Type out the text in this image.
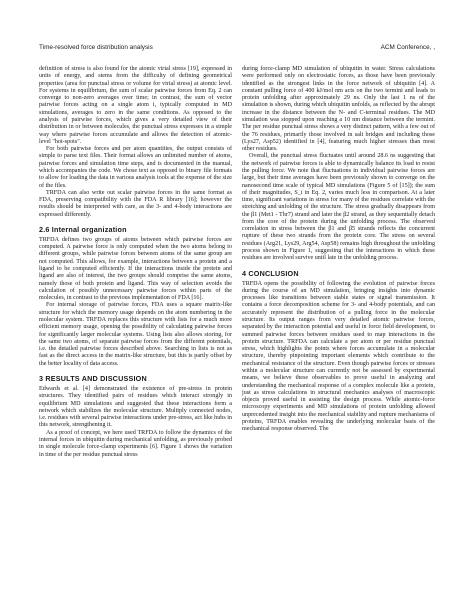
Time-resolved force distribution analysis	ACM Conference, ,

definition of stress is also found for the atomic virial stress [19], expressed in units of energy, and stems from the difficulty of defining geometrical properties (area for punctual stress or volume for virial stress) at atomic level. For systems in equilibrium, the sum of scalar pairwise forces from Eq. 2 can converge to non-zero averages over time; in contrast, the sum of vector pairwise forces acting on a single atom i, typically computed in MD simulations, averages to zero in the same conditions. As opposed to the analysis of pairwise forces, which gives a very detailed view of their distribution in or between molecules, the punctual stress expresses in a simple way where pairwise forces accumulate and allows the detection of atomic-level "hot-spots".

For both pairwise forces and per atom quantities, the output consists of simple to parse text files. Their format allows an unlimited number of atoms, pairwise forces and simulation time steps, and is documented in the manual, which accompanies the code. We chose text as opposed to binary file formats to allow for loading the data in various analysis tools at the expense of the size of the files.

TRFDA can also write out scalar pairwise forces in the same format as FDA, preserving compatibility with the FDA R library [16]; however the results should be interpreted with care, as the 3- and 4-body interactions are expressed differently.

2.6 Internal organization

TRFDA defines two groups of atoms between which pairwise forces are computed. A pairwise force is only computed when the two atoms belong to different groups, while pairwise forces between atoms of the same group are not computed. This allows, for example, interactions between a protein and a ligand to be computed efficiently. If the interactions inside the protein and ligand are also of interest, the two groups should comprise the same atoms, namely those of both protein and ligand. This way of selection avoids the calculation of possibly unnecessary pairwise forces within parts of the molecules, in contrast to the previous implementation of FDA [16].

For internal storage of pairwise forces, FDA uses a square matrix-like structure for which the memory usage depends on the atom numbering in the molecular system. TRFDA replaces this structure with lists for a much more efficient memory usage, opening the possibility of calculating pairwise forces for significantly larger molecular systems. Using lists also allows storing, for the same two atoms, of separate pairwise forces from the different potentials, i.e. the detailed pairwise forces described above. Searching in lists is not as fast as the direct access in the matrix-like structure, but this is partly offset by the better locality of data access.

3 RESULTS AND DISCUSSION

Edwards et al. [4] demonstrated the existence of pre-stress in protein structures. They identified pairs of residues which interact strongly in equilibrium MD simulations and suggested that these interactions form a network which stabilizes the molecular structure. Multiply connected nodes, i.e. residues with several pairwise interactions under pre-stress, act like hubs in this network, strengthening it.

As a proof of concept, we here used TRFDA to follow the dynamics of the internal forces in ubiquitin during mechanical unfolding, as previously probed in single molecule force-clamp experiments [6]. Figure 1 shows the variation in time of the per residue punctual stress

during force-clamp MD simulation of ubiquitin in water. Stress calculations were performed only on electrostatic forces, as those have been previously identified as the strongest links in the force network of ubiquitin [4]. A constant pulling force of 400 kJ/mol nm acts on the two termini and leads to protein unfolding after approximately 29 ns. Only the last 1 ns of the simulation is shown, during which ubiquitin unfolds, as reflected by the abrupt increase in the distance between the N- and C-terminal residues. The MD simulation was stopped upon reaching a 10 nm distance between the termini. The per residue punctual stress shows a very distinct pattern, with a few out of the 76 residues, primarily those involved in salt bridges and including those (Lys27, Asp52) identified in [4], featuring much higher stresses than most other residues.

Overall, the punctual stress fluctuates until around 28.6 ns suggesting that the network of pairwise forces is able to dynamically balance its load to resist the pulling force. We note that fluctuations in individual pairwise forces are large, but their time averages have been previously shown to converge on the nanosecond time scale of typical MD simulations (Figure 5 of [15]); the sum of their magnitudes, S_i in Eq. 2, varies much less in comparison. At a later time, significant variations in stress for many of the residues correlate with the stretching and unfolding of the structure. The stress gradually disappears from the β1 (Met1 - Thr7) strand and later the β2 strand, as they sequentially detach from the core of the protein during the unfolding process. The observed correlation in stress between the β1 and β5 strands reflects the concurrent rupture of these two strands from the protein core. The stress on several residues (Arg21, Lys29, Arg54, Asp58) remains high throughout the unfolding process shown in Figure 1, suggesting that the interactions in which these residues are involved survive until late in the unfolding process.

4 CONCLUSION

TRFDA opens the possibility of following the evolution of pairwise forces during the course of an MD simulation, bringing insights into dynamic processes like transitions between stable states or signal transmission. It contains a force decomposition scheme for 3- and 4-body potentials, and can accurately represent the distribution of a pulling force in the molecular structure. Its output ranges from very detailed atomic pairwise forces, separated by the interaction potential and useful in force field development, to summed pairwise forces between residues used to map interactions in the protein structure. TRFDA can calculate a per atom or per residue punctual stress, which highlights the points where forces accumulate in a molecular structure, thereby pinpointing important elements which contribute to the mechanical resistance of the structure. Even though pairwise forces or stresses within a molecular structure can currently not be assessed by experimental means, we believe these observables to prove useful in analyzing and understanding the mechanical response of a complex molecule like a protein, just as stress calculations in structural mechanics analyses of macroscopic objects proved useful in assisting the design process. While atomic-force microscopy experiments and MD simulations of protein unfolding allowed unprecedented insight into the mechanical stability and rupture mechanisms of proteins, TRFDA enables revealing the underlying molecular basis of the mechanical response observed. The
